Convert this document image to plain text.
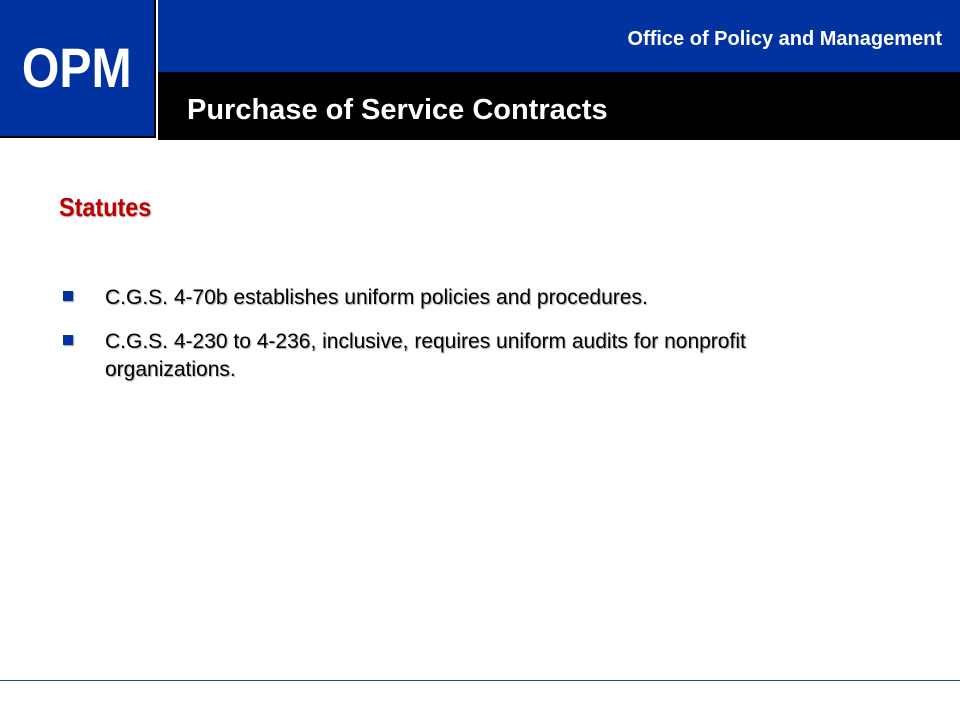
OPM	Office of Policy and Management
Purchase of Service Contracts
Statutes
C.G.S. 4-70b establishes uniform policies and procedures.
C.G.S. 4-230 to 4-236, inclusive, requires uniform audits for nonprofit organizations.
